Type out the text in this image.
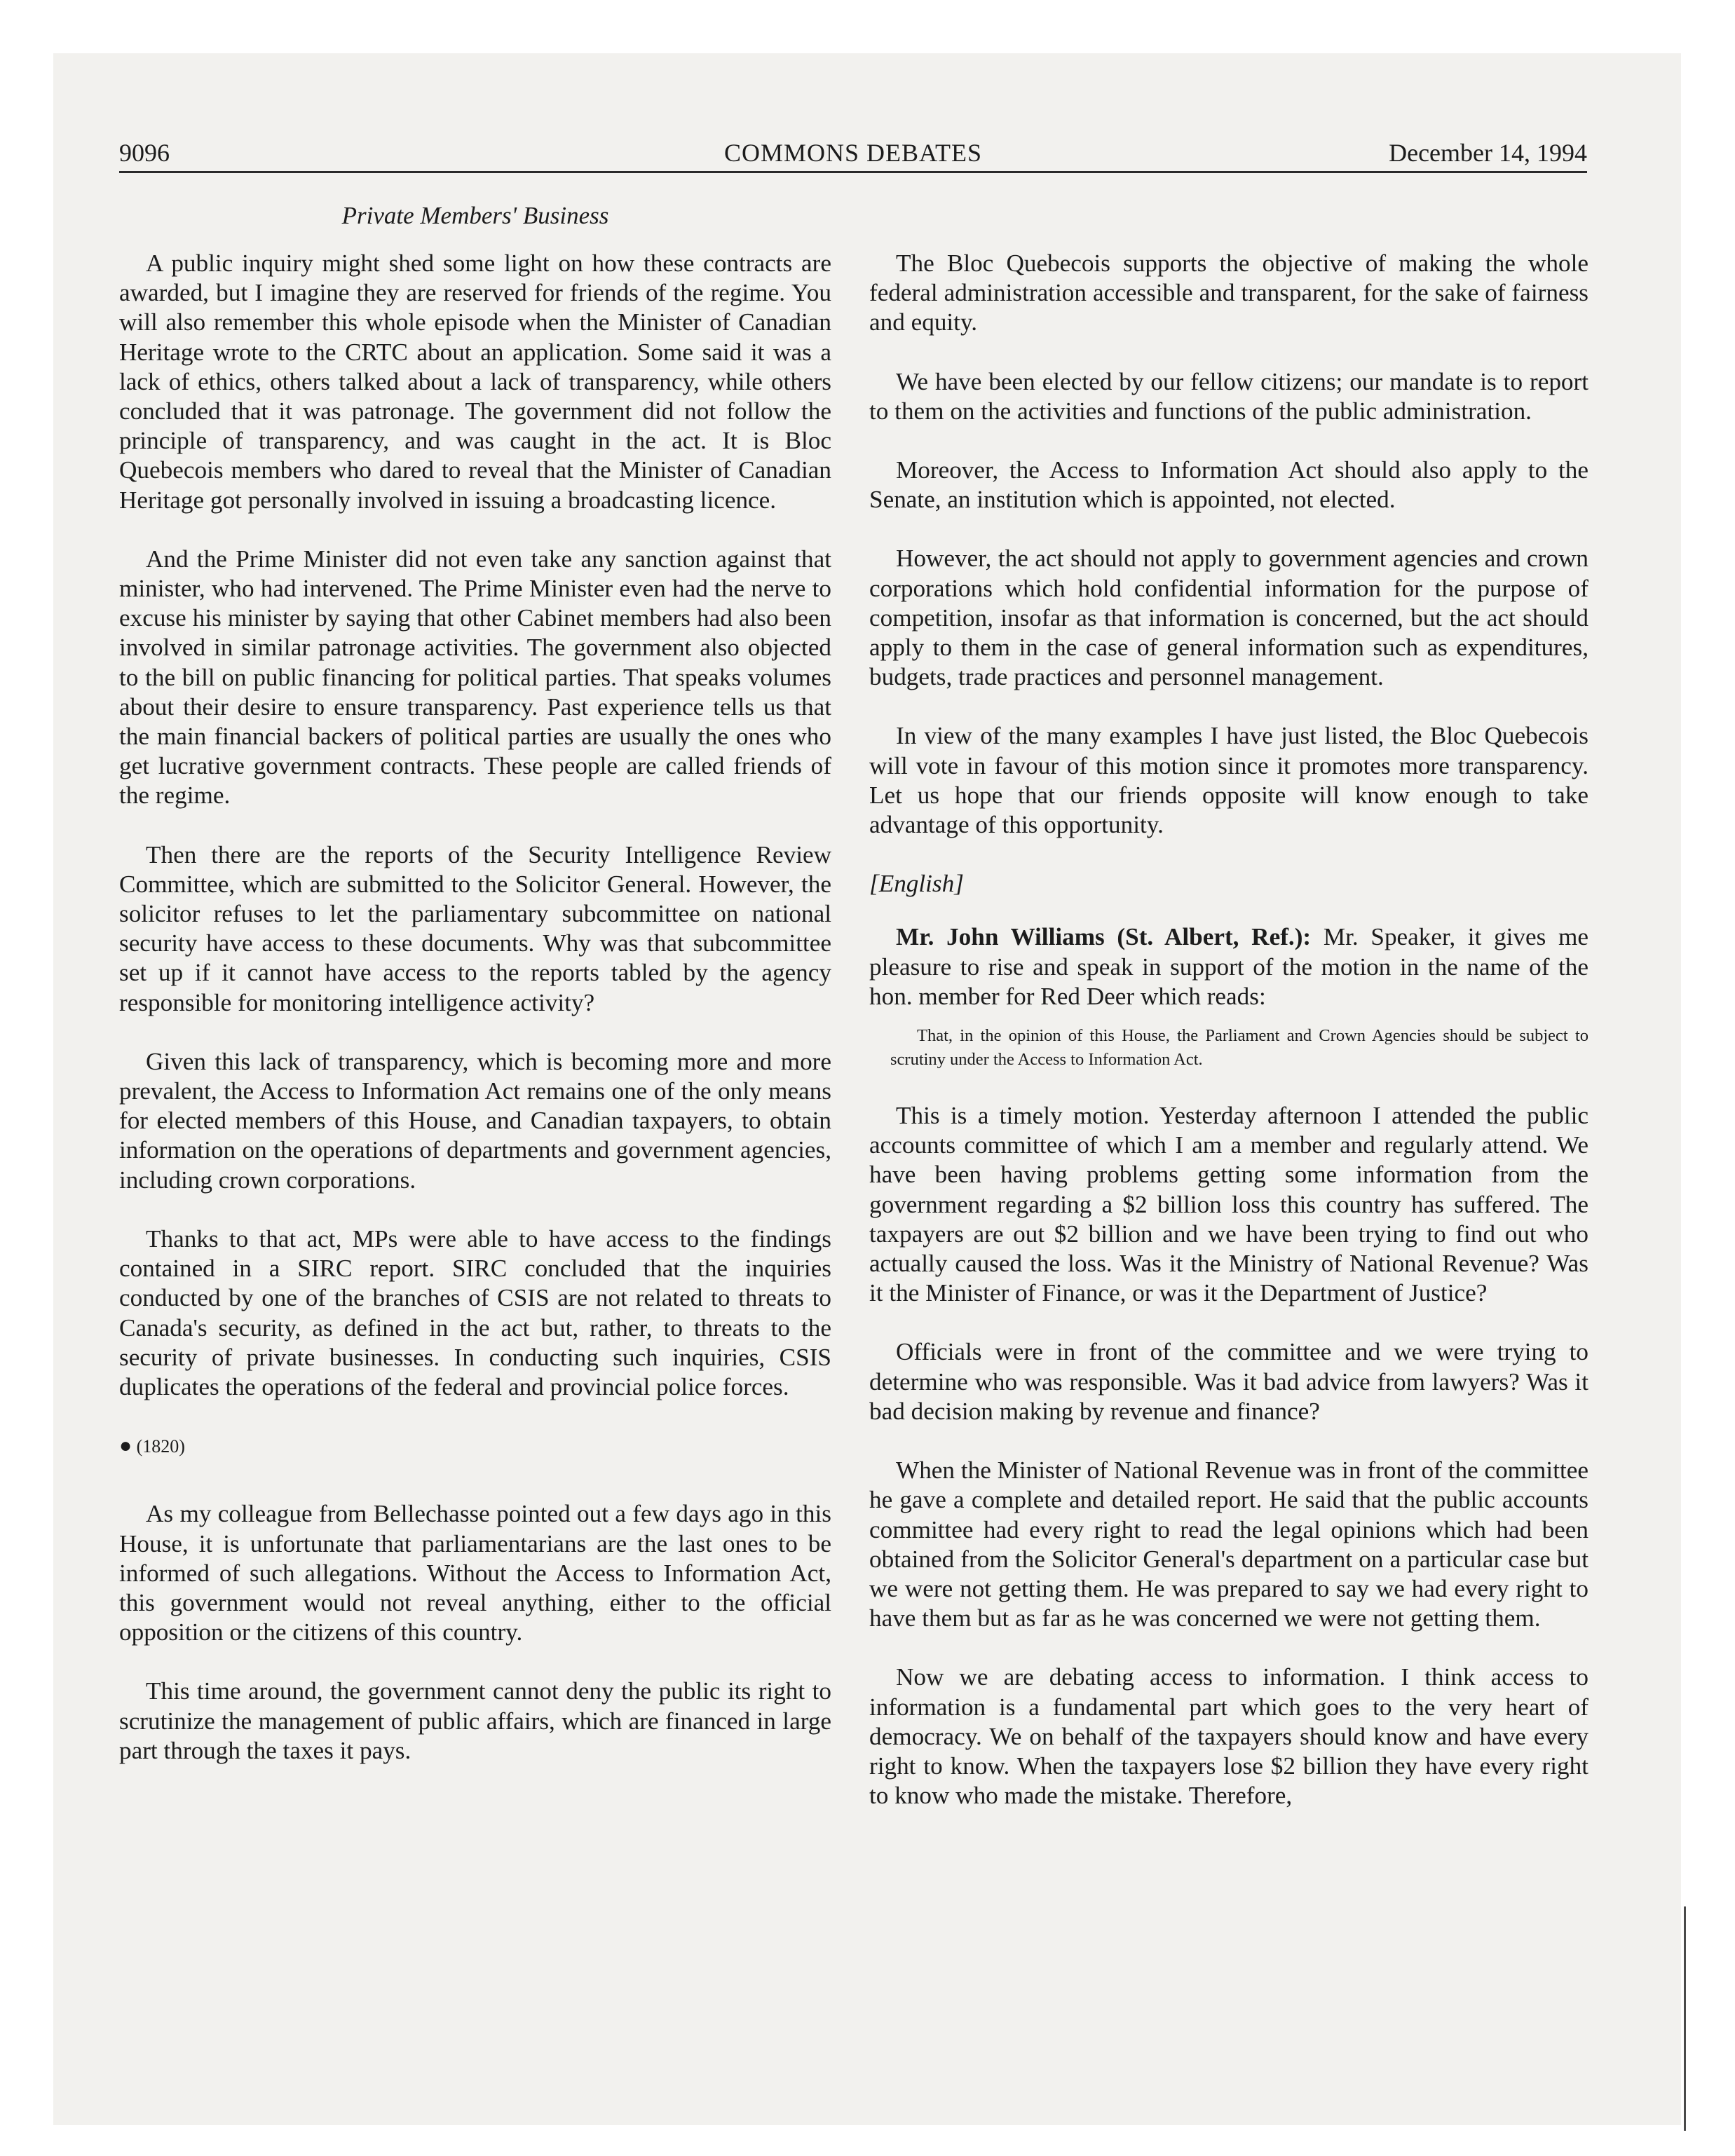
9096	COMMONS DEBATES	December 14, 1994
Private Members' Business

A public inquiry might shed some light on how these contracts are awarded, but I imagine they are reserved for friends of the regime. You will also remember this whole episode when the Minister of Canadian Heritage wrote to the CRTC about an application. Some said it was a lack of ethics, others talked about a lack of transparency, while others concluded that it was patronage. The government did not follow the principle of transparency, and was caught in the act. It is Bloc Quebecois members who dared to reveal that the Minister of Canadian Heritage got personally involved in issuing a broadcasting licence.

And the Prime Minister did not even take any sanction against that minister, who had intervened. The Prime Minister even had the nerve to excuse his minister by saying that other Cabinet members had also been involved in similar patronage activities. The government also objected to the bill on public financing for political parties. That speaks volumes about their desire to ensure transparency. Past experience tells us that the main financial backers of political parties are usually the ones who get lucrative government contracts. These people are called friends of the regime.

Then there are the reports of the Security Intelligence Review Committee, which are submitted to the Solicitor General. However, the solicitor refuses to let the parliamentary subcommittee on national security have access to these documents. Why was that subcommittee set up if it cannot have access to the reports tabled by the agency responsible for monitoring intelligence activity?

Given this lack of transparency, which is becoming more and more prevalent, the Access to Information Act remains one of the only means for elected members of this House, and Canadian taxpayers, to obtain information on the operations of departments and government agencies, including crown corporations.

Thanks to that act, MPs were able to have access to the findings contained in a SIRC report. SIRC concluded that the inquiries conducted by one of the branches of CSIS are not related to threats to Canada's security, as defined in the act but, rather, to threats to the security of private businesses. In conducting such inquiries, CSIS duplicates the operations of the federal and provincial police forces.

● (1820)

As my colleague from Bellechasse pointed out a few days ago in this House, it is unfortunate that parliamentarians are the last ones to be informed of such allegations. Without the Access to Information Act, this government would not reveal anything, either to the official opposition or the citizens of this country.

This time around, the government cannot deny the public its right to scrutinize the management of public affairs, which are financed in large part through the taxes it pays.

The Bloc Quebecois supports the objective of making the whole federal administration accessible and transparent, for the sake of fairness and equity.

We have been elected by our fellow citizens; our mandate is to report to them on the activities and functions of the public administration.

Moreover, the Access to Information Act should also apply to the Senate, an institution which is appointed, not elected.

However, the act should not apply to government agencies and crown corporations which hold confidential information for the purpose of competition, insofar as that information is concerned, but the act should apply to them in the case of general information such as expenditures, budgets, trade practices and personnel management.

In view of the many examples I have just listed, the Bloc Quebecois will vote in favour of this motion since it promotes more transparency. Let us hope that our friends opposite will know enough to take advantage of this opportunity.

[English]

Mr. John Williams (St. Albert, Ref.): Mr. Speaker, it gives me pleasure to rise and speak in support of the motion in the name of the hon. member for Red Deer which reads:

That, in the opinion of this House, the Parliament and Crown Agencies should be subject to scrutiny under the Access to Information Act.

This is a timely motion. Yesterday afternoon I attended the public accounts committee of which I am a member and regularly attend. We have been having problems getting some information from the government regarding a $2 billion loss this country has suffered. The taxpayers are out $2 billion and we have been trying to find out who actually caused the loss. Was it the Ministry of National Revenue? Was it the Minister of Finance, or was it the Department of Justice?

Officials were in front of the committee and we were trying to determine who was responsible. Was it bad advice from lawyers? Was it bad decision making by revenue and finance?

When the Minister of National Revenue was in front of the committee he gave a complete and detailed report. He said that the public accounts committee had every right to read the legal opinions which had been obtained from the Solicitor General's department on a particular case but we were not getting them. He was prepared to say we had every right to have them but as far as he was concerned we were not getting them.

Now we are debating access to information. I think access to information is a fundamental part which goes to the very heart of democracy. We on behalf of the taxpayers should know and have every right to know. When the taxpayers lose $2 billion they have every right to know who made the mistake. Therefore,
